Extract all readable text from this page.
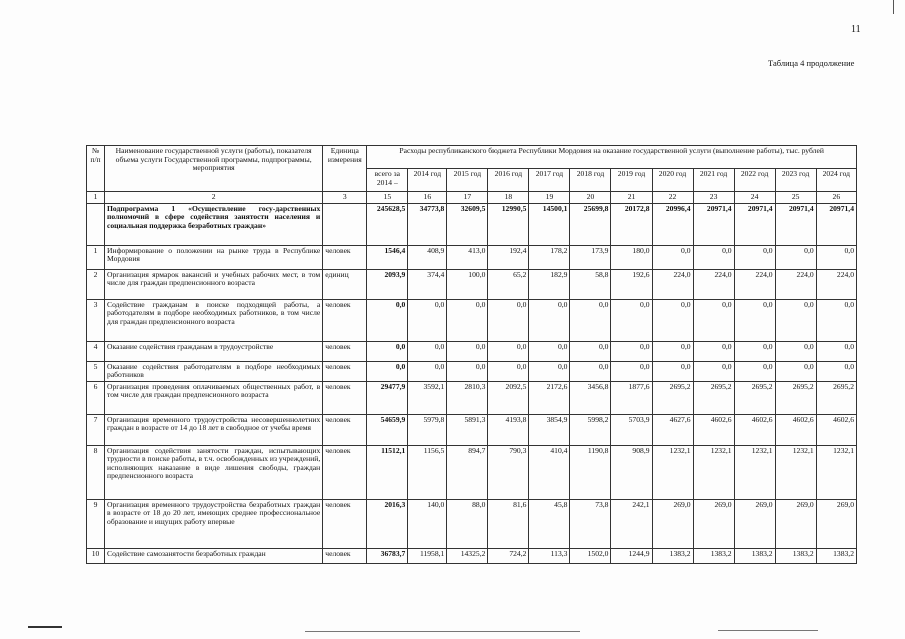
11
Таблица 4 продолжение
№ п/п	Наименование государственной услуги (работы), показателя объема услуги Государственной программы, подпрограммы, мероприятия	Единица измерения	Расходы республиканского бюджета Республики Мордовия на оказание государственной услуги (выполнение работы), тыс. рублей											
			всего за 2014 –	2014 год	2015 год	2016 год	2017 год	2018 год	2019 год	2020 год	2021 год	2022 год	2023 год	2024 год
1	2	3	15	16	17	18	19	20	21	22	23	24	25	26
	Подпрограмма 1 «Осуществление госу-дарственных полномочий в сфере содействия занятости населения и социальная поддержка безработных граждан»		245628,5	34773,8	32609,5	12990,5	14500,1	25699,8	20172,8	20996,4	20971,4	20971,4	20971,4	20971,4
1	Информирование о положении на рынке труда в Республике Мордовия	человек	1546,4	408,9	413,0	192,4	178,2	173,9	180,0	0,0	0,0	0,0	0,0	0,0
2	Организация ярмарок вакансий и учебных рабочих мест, в том числе для граждан предпенсионного возраста	единиц	2093,9	374,4	100,0	65,2	182,9	58,8	192,6	224,0	224,0	224,0	224,0	224,0
3	Содействие гражданам в поиске подходящей работы, а работодателям в подборе необходимых работников, в том числе для граждан предпенсионного возраста	человек	0,0	0,0	0,0	0,0	0,0	0,0	0,0	0,0	0,0	0,0	0,0	0,0
4	Оказание содействия гражданам в трудоустройстве	человек	0,0	0,0	0,0	0,0	0,0	0,0	0,0	0,0	0,0	0,0	0,0	0,0
5	Оказание содействия работодателям в подборе необходимых работников	человек	0,0	0,0	0,0	0,0	0,0	0,0	0,0	0,0	0,0	0,0	0,0	0,0
6	Организация проведения оплачиваемых общественных работ, в том числе для граждан предпенсионного возраста	человек	29477,9	3592,1	2810,3	2092,5	2172,6	3456,8	1877,6	2695,2	2695,2	2695,2	2695,2	2695,2
7	Организация временного трудоустройства несовершеннолетних граждан в возрасте от 14 до 18 лет в свободное от учебы время	человек	54659,9	5979,8	5891,3	4193,8	3854,9	5998,2	5703,9	4627,6	4602,6	4602,6	4602,6	4602,6
8	Организация содействия занятости граждан, испытывающих трудности в поиске работы, в т.ч. освобожденных из учреждений, исполняющих наказание в виде лишения свободы, граждан предпенсионного возраста	человек	11512,1	1156,5	894,7	790,3	410,4	1190,8	908,9	1232,1	1232,1	1232,1	1232,1	1232,1
9	Организация временного трудоустройства безработных граждан в возрасте от 18 до 20 лет, имеющих среднее профессиональное образование и ищущих работу впервые	человек	2016,3	140,0	88,0	81,6	45,8	73,8	242,1	269,0	269,0	269,0	269,0	269,0
10	Содействие самозанятости безработных граждан	человек	36783,7	11958,1	14325,2	724,2	113,3	1502,0	1244,9	1383,2	1383,2	1383,2	1383,2	1383,2
